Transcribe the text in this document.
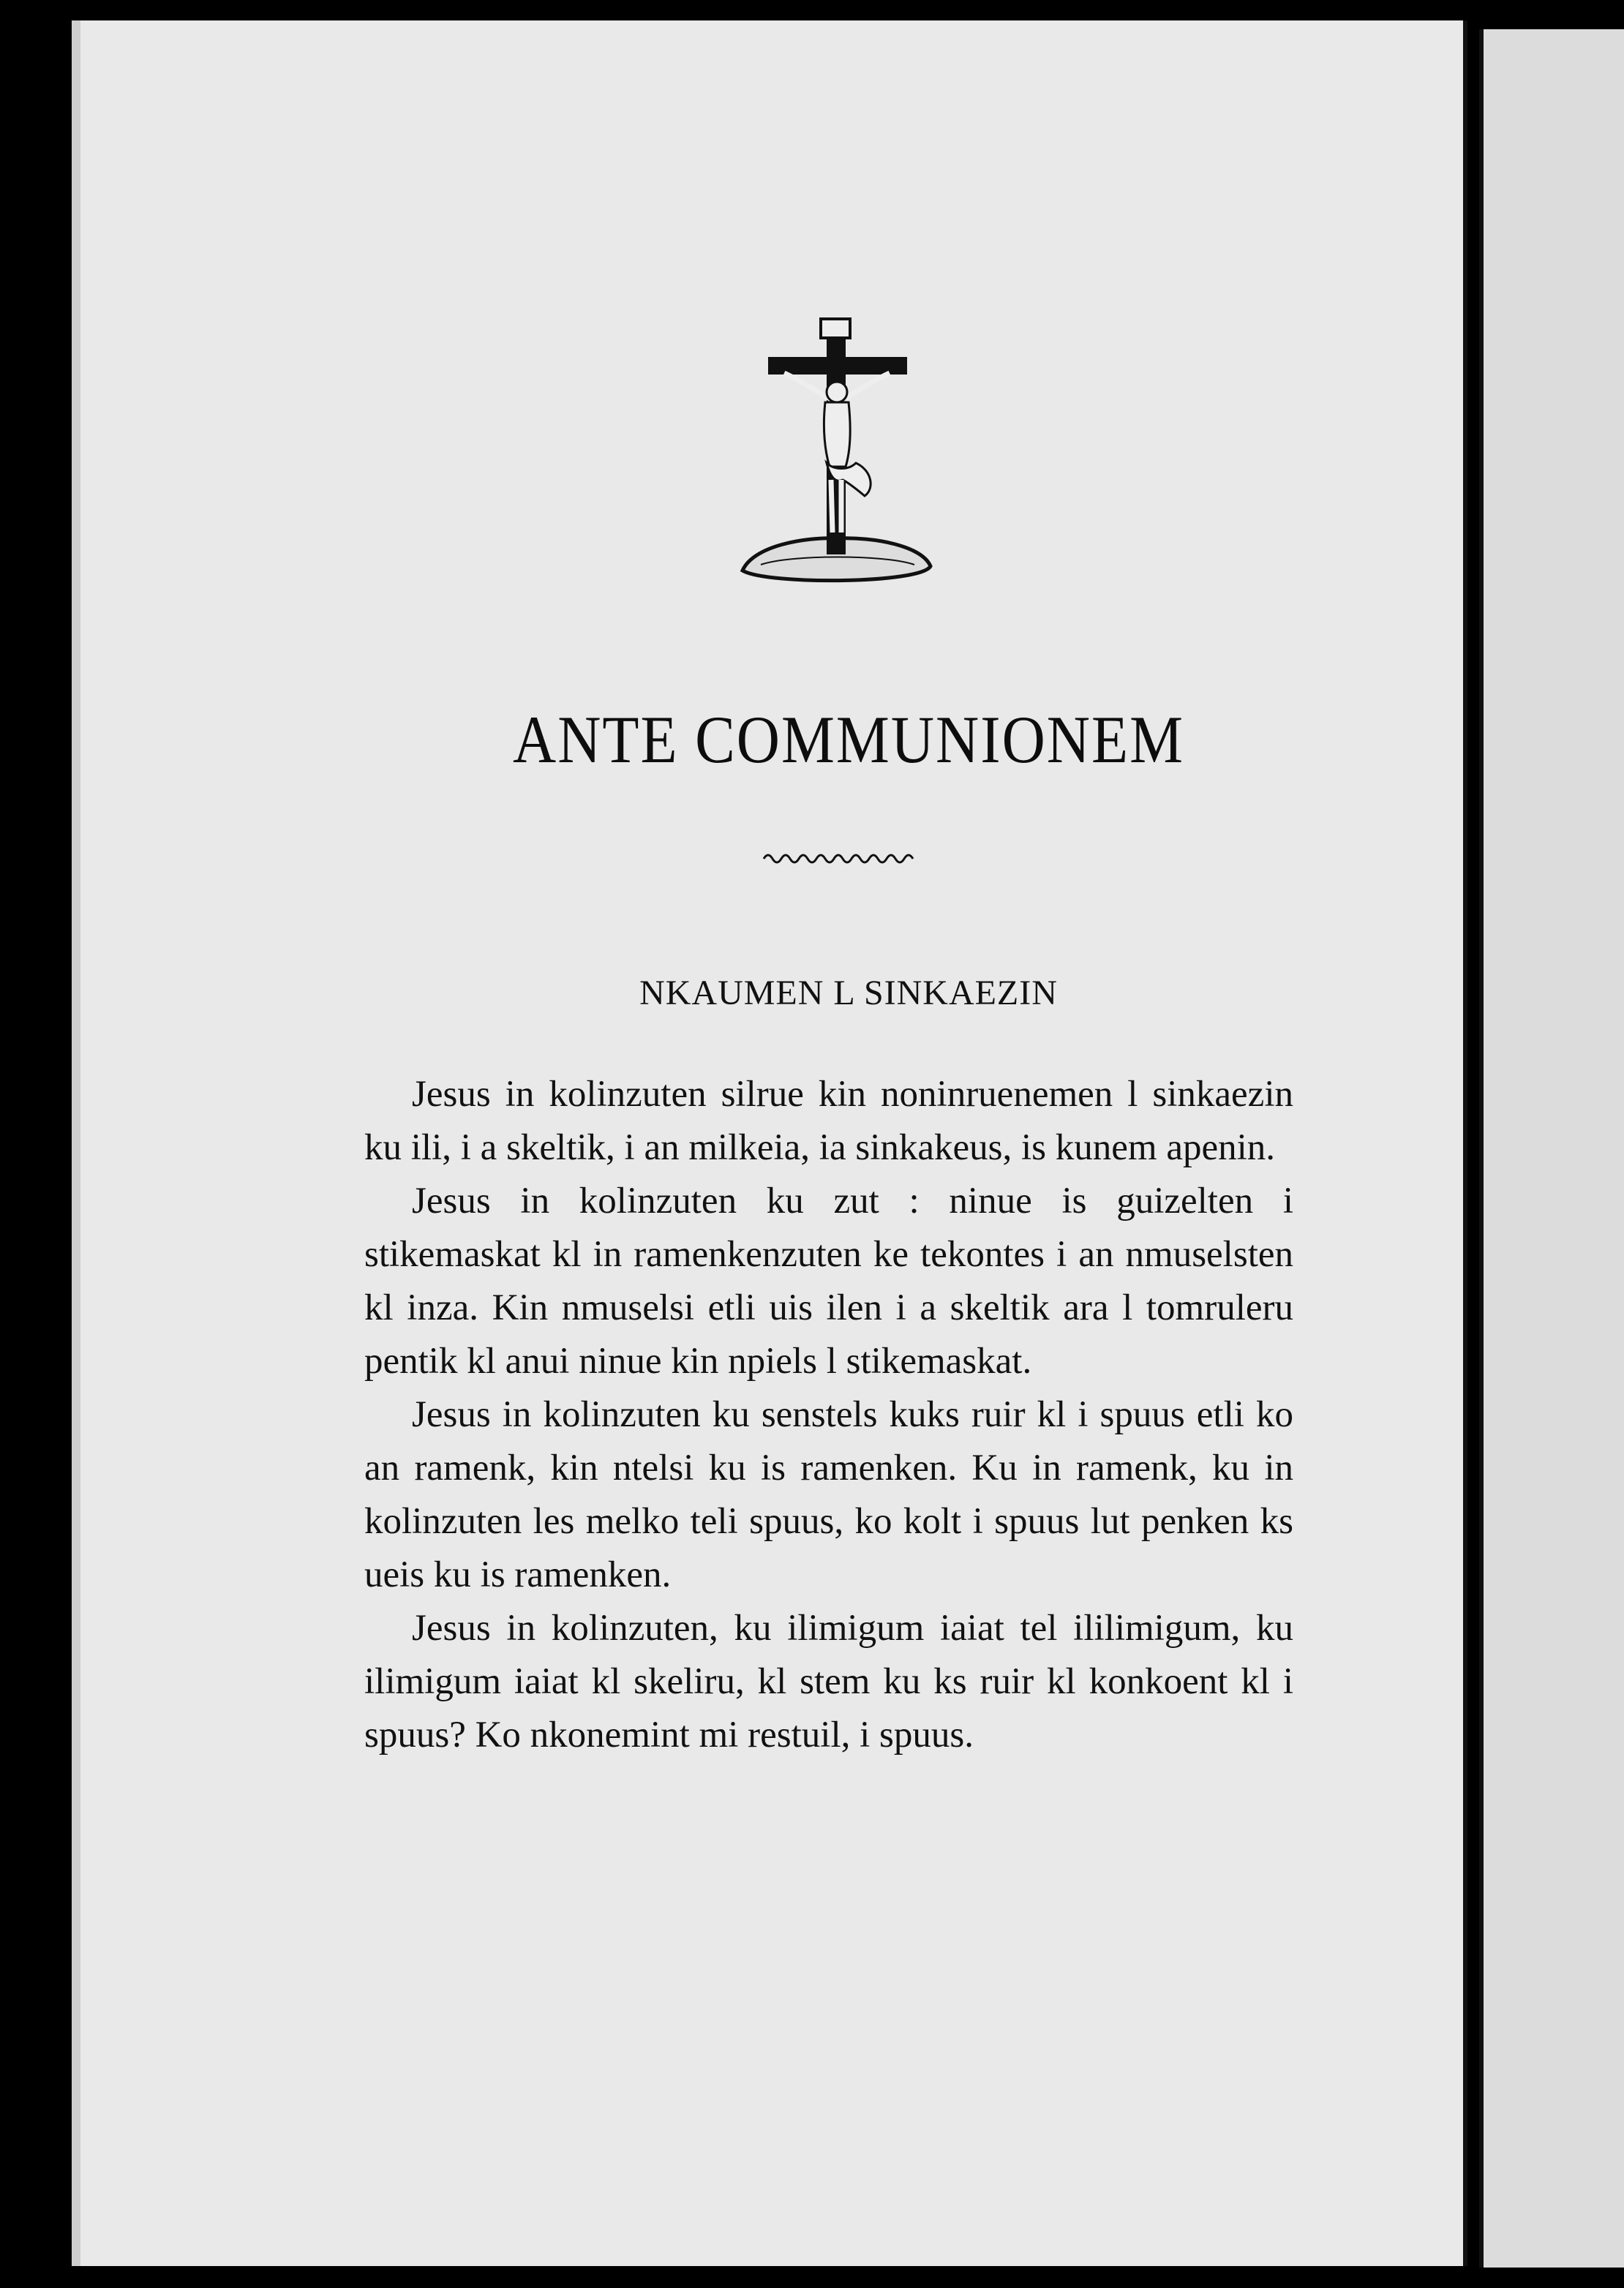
ANTE COMMUNIONEM
NKAUMEN L SINKAEZIN

Jesus in kolinzuten silrue kin noninruenemen l sinkaezin ku ili, i a skeltik, i an milkeia, ia sinkakeus, is kunem apenin.

Jesus in kolinzuten ku zut : ninue is guizelten i stikemaskat kl in ramenkenzuten ke tekontes i an nmuselsten kl inza. Kin nmuselsi etli uis ilen i a skeltik ara l tomruleru pentik kl anui ninue kin npiels l stikemaskat.

Jesus in kolinzuten ku senstels kuks ruir kl i spuus etli ko an ramenk, kin ntelsi ku is ramenken. Ku in ramenk, ku in kolinzuten les melko teli spuus, ko kolt i spuus lut penken ks ueis ku is ramenken.

Jesus in kolinzuten, ku ilimigum iaiat tel ililimigum, ku ilimigum iaiat kl skeliru, kl stem ku ks ruir kl konkoent kl i spuus? Ko nkonemint mi restuil, i spuus.
